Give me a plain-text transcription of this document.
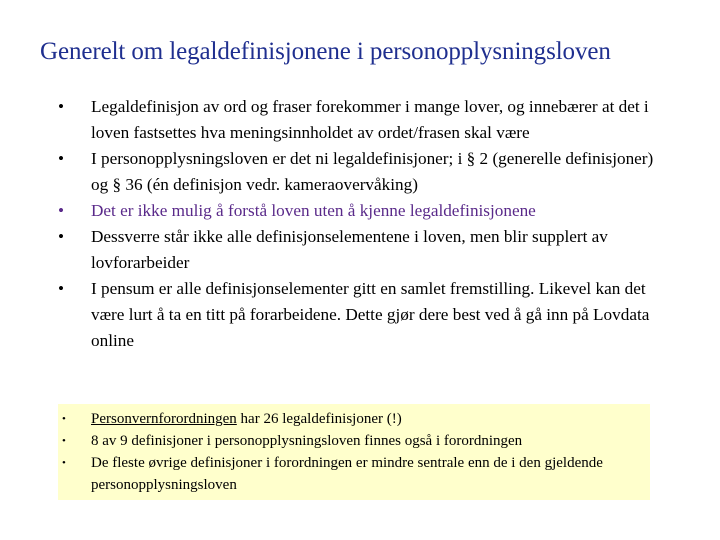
Generelt om legaldefinisjonene i personopplysningsloven
• Legaldefinisjon av ord og fraser forekommer i mange lover, og innebærer at det i loven fastsettes hva meningsinnholdet av ordet/frasen skal være
• I personopplysningsloven er det ni legaldefinisjoner; i § 2 (generelle definisjoner) og § 36 (én definisjon vedr. kameraovervåking)
• Det er ikke mulig å forstå loven uten å kjenne legaldefinisjonene
• Dessverre står ikke alle definisjonselementene i loven, men blir supplert av lovforarbeider
• I pensum er alle definisjonselementer gitt en samlet fremstilling. Likevel kan det være lurt å ta en titt på forarbeidene. Dette gjør dere best ved å gå inn på Lovdata online
• Personvernforordningen har 26 legaldefinisjoner (!)
• 8 av 9 definisjoner i personopplysningsloven finnes også i forordningen
• De fleste øvrige definisjoner i forordningen er mindre sentrale enn de i den gjeldende personopplysningsloven
